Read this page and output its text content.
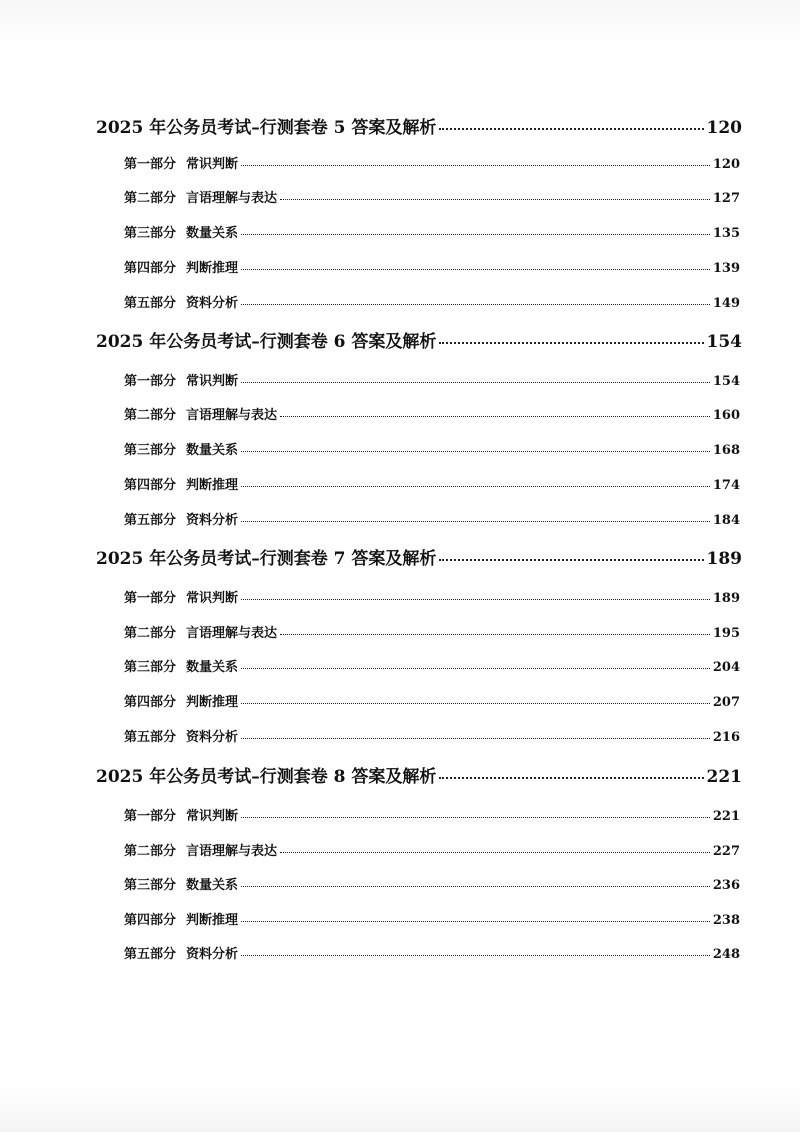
2025 年公务员考试–行测套卷 5 答案及解析	120
第一部分 常识判断	120
第二部分 言语理解与表达	127
第三部分 数量关系	135
第四部分 判断推理	139
第五部分 资料分析	149
2025 年公务员考试–行测套卷 6 答案及解析	154
第一部分 常识判断	154
第二部分 言语理解与表达	160
第三部分 数量关系	168
第四部分 判断推理	174
第五部分 资料分析	184
2025 年公务员考试–行测套卷 7 答案及解析	189
第一部分 常识判断	189
第二部分 言语理解与表达	195
第三部分 数量关系	204
第四部分 判断推理	207
第五部分 资料分析	216
2025 年公务员考试–行测套卷 8 答案及解析	221
第一部分 常识判断	221
第二部分 言语理解与表达	227
第三部分 数量关系	236
第四部分 判断推理	238
第五部分 资料分析	248
